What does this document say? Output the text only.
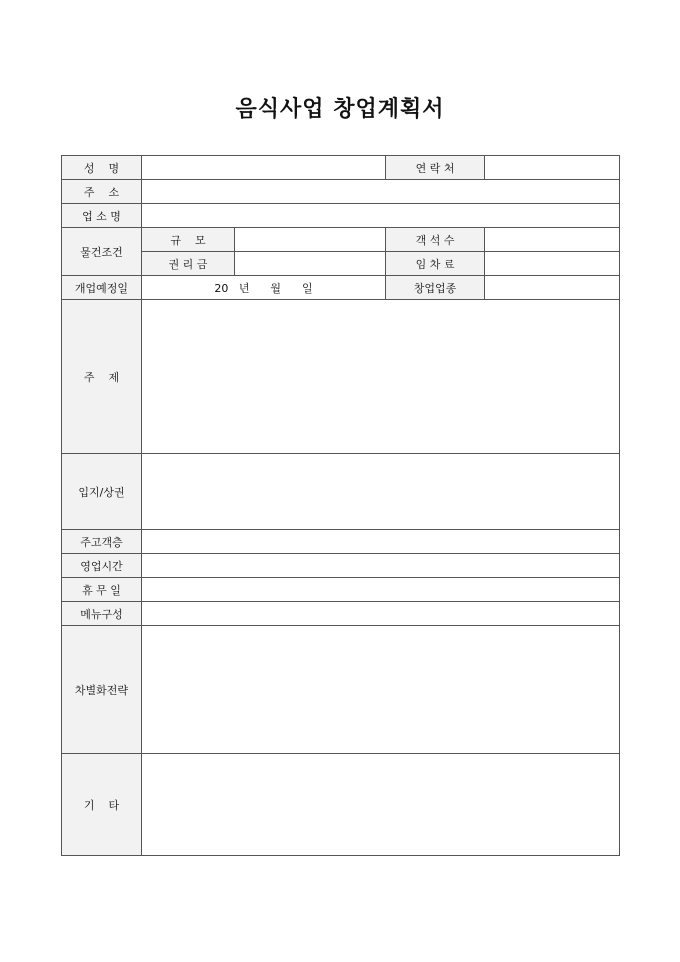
음식사업 창업계획서
성    명			연 락 처	
주    소				
업 소 명				
물건조건	규    모		객 석 수	
	권 리 금		임 차 료	
개업예정일	20   년      월      일		창업업종	
주    제				
입지/상권				
주고객층				
영업시간				
휴 무 일				
메뉴구성				
차별화전략				
기    타				
